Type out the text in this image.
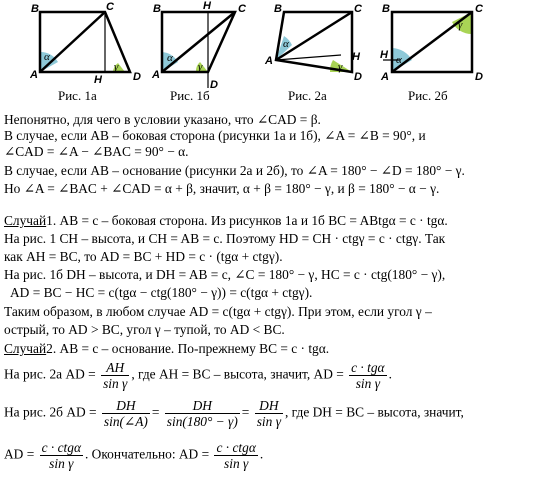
B	C
A	H	D
α
γ
Рис. 1а
B	C
A
H
D
α
γ
Рис. 1б
B	C
A	H
D
α
γ
Рис. 2а
B	C
A
H
D
α
γ
Рис. 2б
Непонятно, для чего в условии указано, что ∠CAD = β.
В случае, если AB – боковая сторона (рисунки 1а и 1б), ∠A = ∠B = 90°, и
∠CAD = ∠A − ∠BAC = 90° − α.
В случае, если AB – основание (рисунки 2а и 2б), то ∠A = 180° − ∠D = 180° − γ.
Но ∠A = ∠BAC + ∠CAD = α + β, значит, α + β = 180° − γ, и β = 180° − α − γ.
Случай1. AB = c – боковая сторона. Из рисунков 1а и 1б BC = ABtgα = c · tgα.
На рис. 1 CH – высота, и CH = AB = c. Поэтому HD = CH · ctgγ = c · ctgγ. Так
как AH = BC, то AD = BC + HD = c · (tgα + ctgγ).
На рис. 1б DH – высота, и DH = AB = c, ∠C = 180° − γ, HC = c · ctg(180° − γ),
AD = BC − HC = c(tgα − ctg(180° − γ)) = c(tgα + ctgγ).
Таким образом, в любом случае AD = c(tgα + ctgγ). При этом, если угол γ –
острый, то AD > BC, угол γ – тупой, то AD < BC.
Случай2. AB = c – основание. По-прежнему BC = c · tgα.
На рис. 2а AD = $\frac{AH}{\text{sin γ}}$ , где AH = BC – высота, значит, AD = c · tgα
sin γ
.
На рис. 2б AD = $\frac{DH}{\sin(\angle A)} = \frac{DH}{\sin(180^\circ - \gamma)} = \frac{DH}{\text{sin γ}}$ , где DH = BC – высота, значит,
AD = c · ctgα
sin γ
. Окончательно: AD = c · ctgα
sin γ
.
